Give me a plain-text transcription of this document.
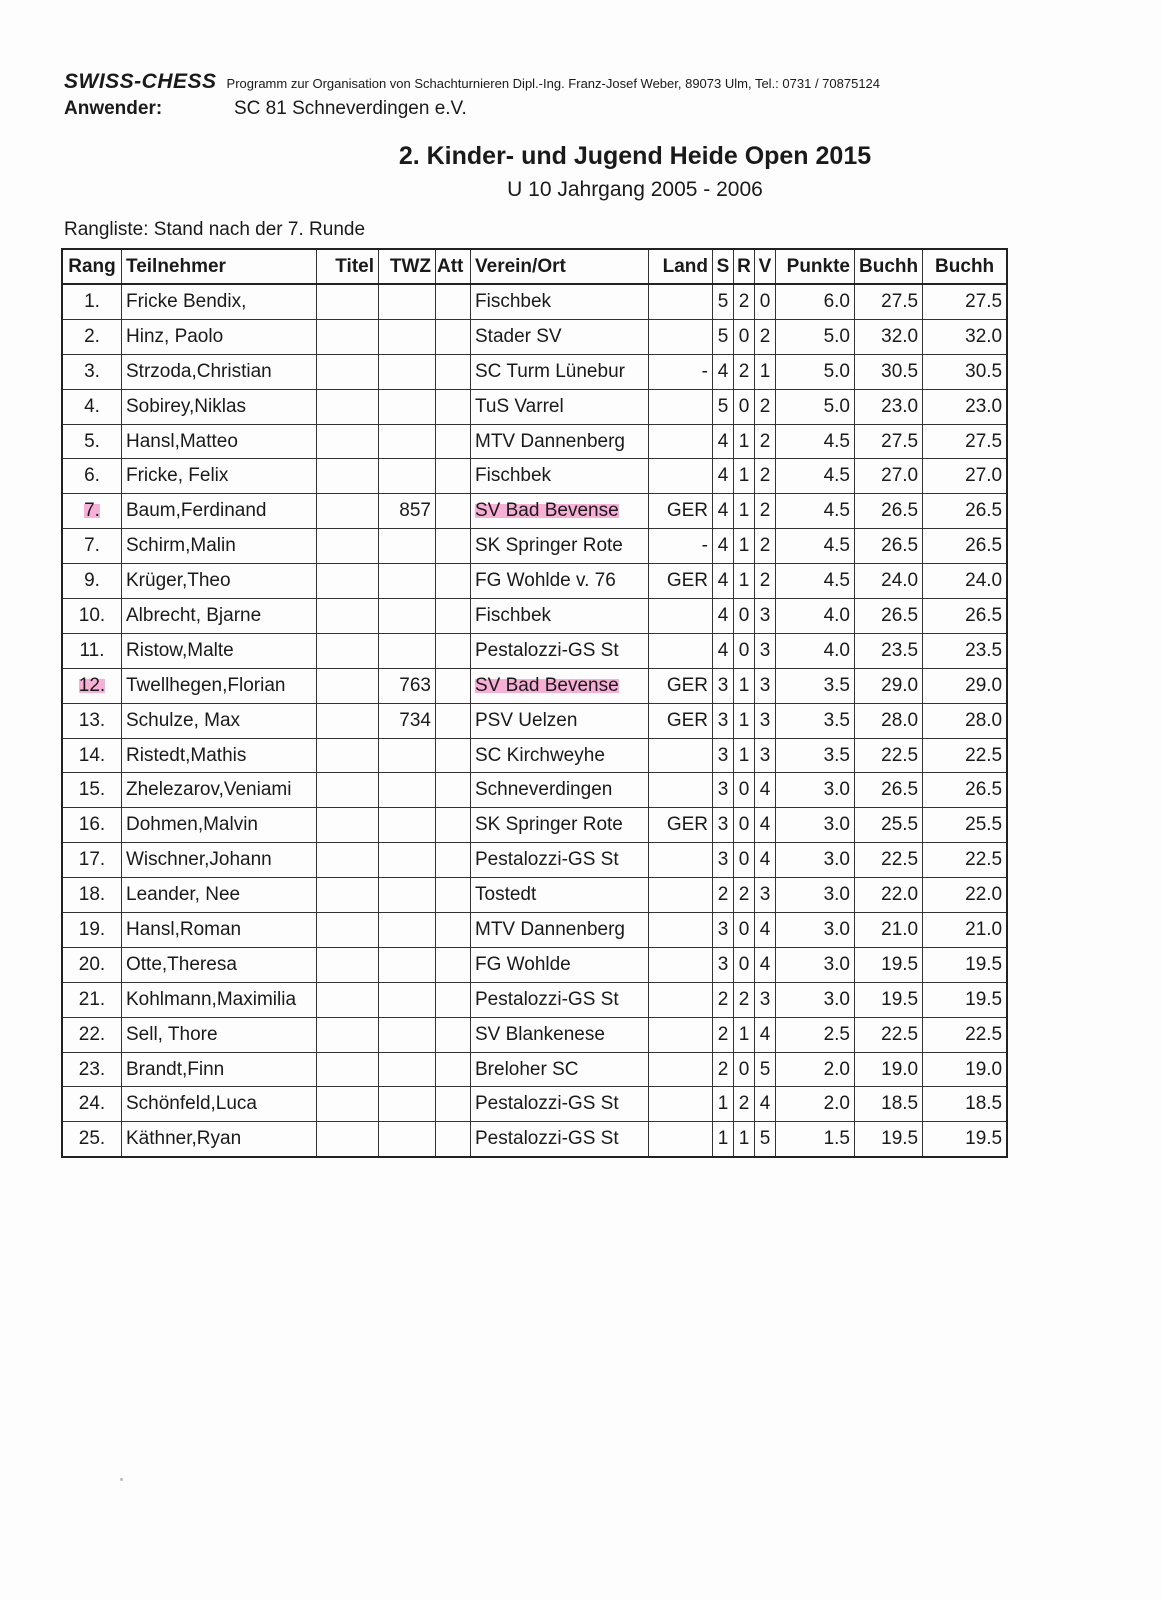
SWISS-CHESS Programm zur Organisation von Schachturnieren Dipl.-Ing. Franz-Josef Weber, 89073 Ulm, Tel.: 0731 / 70875124
Anwender:	SC 81 Schneverdingen e.V.
2. Kinder- und Jugend Heide Open 2015
U 10 Jahrgang 2005 - 2006
Rangliste: Stand nach der 7. Runde
Rang	Teilnehmer	Titel	TWZ	Att	Verein/Ort	Land	S	R	V	Punkte	Buchh	Buchh
1.	Fricke Bendix,				Fischbek		5	2	0	6.0	27.5	27.5
2.	Hinz, Paolo				Stader SV		5	0	2	5.0	32.0	32.0
3.	Strzoda,Christian				SC Turm Lünebur	-	4	2	1	5.0	30.5	30.5
4.	Sobirey,Niklas				TuS Varrel		5	0	2	5.0	23.0	23.0
5.	Hansl,Matteo				MTV Dannenberg		4	1	2	4.5	27.5	27.5
6.	Fricke, Felix				Fischbek		4	1	2	4.5	27.0	27.0
7.	Baum,Ferdinand		857		SV Bad Bevense	GER	4	1	2	4.5	26.5	26.5
7.	Schirm,Malin				SK Springer Rote	-	4	1	2	4.5	26.5	26.5
9.	Krüger,Theo				FG Wohlde v. 76	GER	4	1	2	4.5	24.0	24.0
10.	Albrecht, Bjarne				Fischbek		4	0	3	4.0	26.5	26.5
11.	Ristow,Malte				Pestalozzi-GS St		4	0	3	4.0	23.5	23.5
12.	Twellhegen,Florian		763		SV Bad Bevense	GER	3	1	3	3.5	29.0	29.0
13.	Schulze, Max		734		PSV Uelzen	GER	3	1	3	3.5	28.0	28.0
14.	Ristedt,Mathis				SC Kirchweyhe		3	1	3	3.5	22.5	22.5
15.	Zhelezarov,Veniami				Schneverdingen		3	0	4	3.0	26.5	26.5
16.	Dohmen,Malvin				SK Springer Rote	GER	3	0	4	3.0	25.5	25.5
17.	Wischner,Johann				Pestalozzi-GS St		3	0	4	3.0	22.5	22.5
18.	Leander, Nee				Tostedt		2	2	3	3.0	22.0	22.0
19.	Hansl,Roman				MTV Dannenberg		3	0	4	3.0	21.0	21.0
20.	Otte,Theresa				FG Wohlde		3	0	4	3.0	19.5	19.5
21.	Kohlmann,Maximilia				Pestalozzi-GS St		2	2	3	3.0	19.5	19.5
22.	Sell, Thore				SV Blankenese		2	1	4	2.5	22.5	22.5
23.	Brandt,Finn				Breloher SC		2	0	5	2.0	19.0	19.0
24.	Schönfeld,Luca				Pestalozzi-GS St		1	2	4	2.0	18.5	18.5
25.	Käthner,Ryan				Pestalozzi-GS St		1	1	5	1.5	19.5	19.5
